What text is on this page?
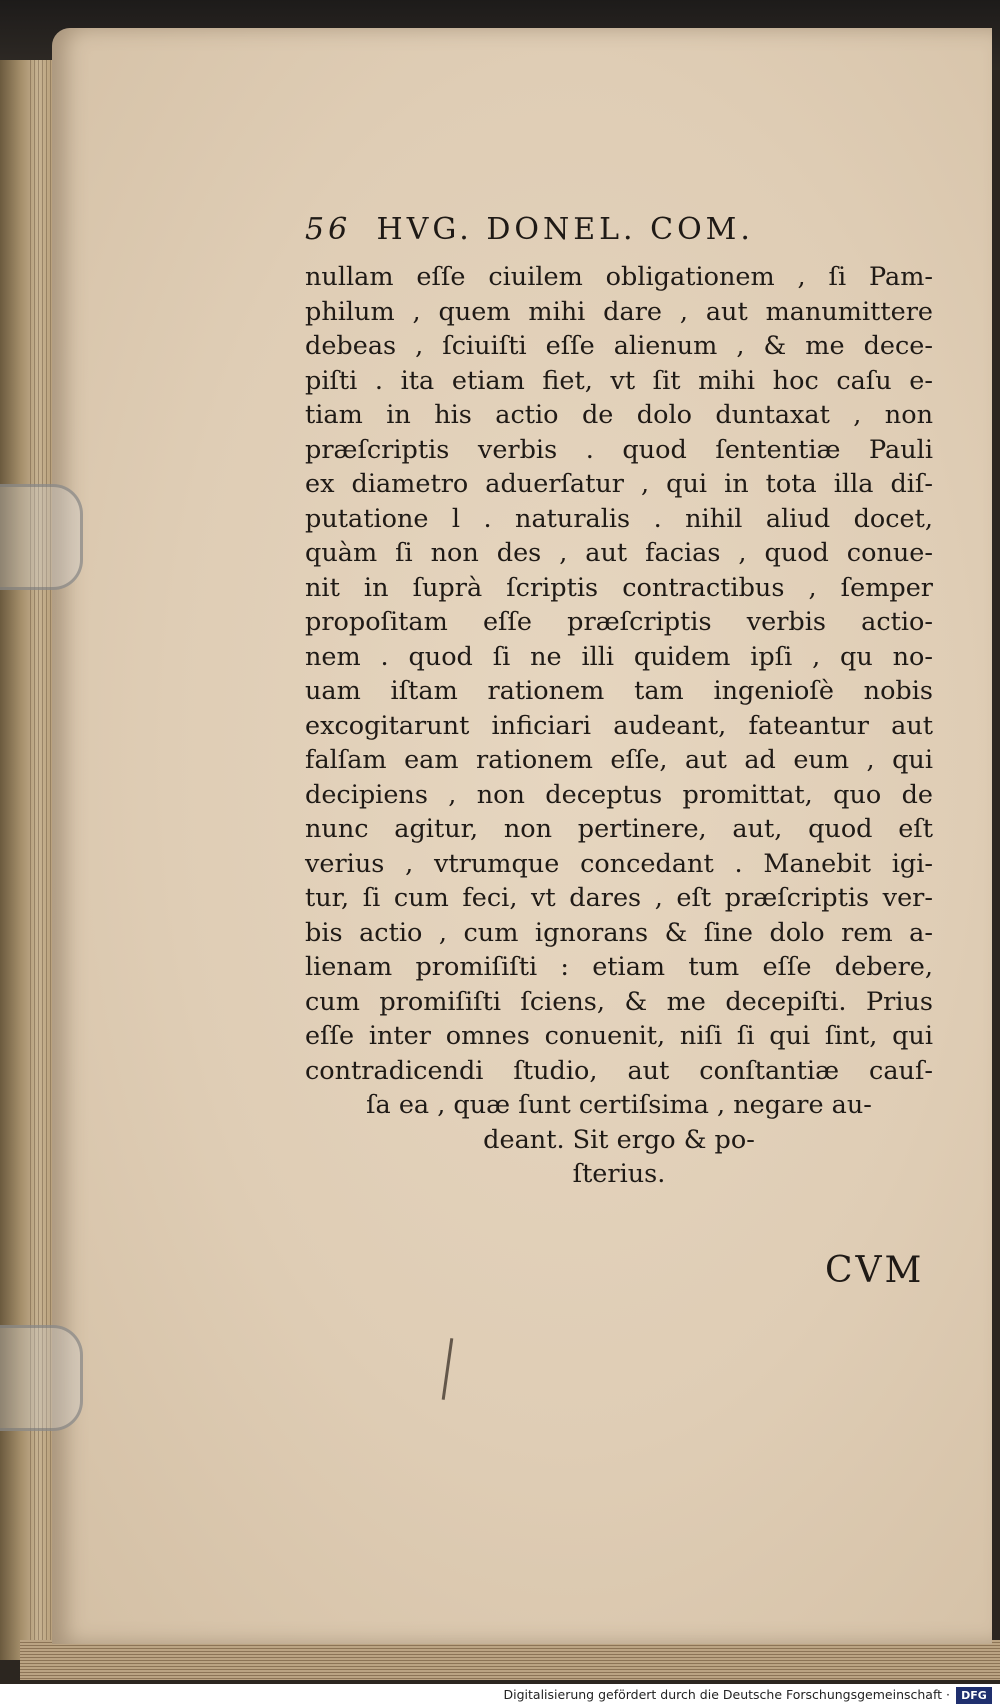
56 HVG. DONEL. COM.
nullam eſſe ciuilem obligationem , ſi Pam-
philum , quem mihi dare , aut manumittere
debeas , ſciuiſti eſſe alienum , & me dece-
piſti . ita etiam fiet, vt ſit mihi hoc caſu e-
tiam in his actio de dolo duntaxat , non
præſcriptis verbis . quod ſententiæ Pauli
ex diametro aduerſatur , qui in tota illa diſ-
putatione l . naturalis . nihil aliud docet,
quàm ſi non des , aut facias , quod conue-
nit in ſuprà ſcriptis contractibus , ſemper
propoſitam eſſe præſcriptis verbis actio-
nem . quod ſi ne illi quidem ipſi , qu no-
uam iſtam rationem tam ingenioſè nobis
excogitarunt inficiari audeant, fateantur aut
falſam eam rationem eſſe, aut ad eum , qui
decipiens , non deceptus promittat, quo de
nunc agitur, non pertinere, aut, quod eſt
verius , vtrumque concedant . Manebit igi-
tur, ſi cum feci, vt dares , eſt præſcriptis ver-
bis actio , cum ignorans & ſine dolo rem a-
lienam promiſiſti : etiam tum eſſe debere,
cum promiſiſti ſciens, & me decepiſti. Prius
eſſe inter omnes conuenit, niſi ſi qui ſint, qui
contradicendi ſtudio, aut conſtantiæ cauſ-
ſa ea , quæ ſunt certiſsima , negare au-
deant. Sit ergo & po-
ſterius.
CVM
Digitalisierung gefördert durch die Deutsche Forschungsgemeinschaft ·	DFG
